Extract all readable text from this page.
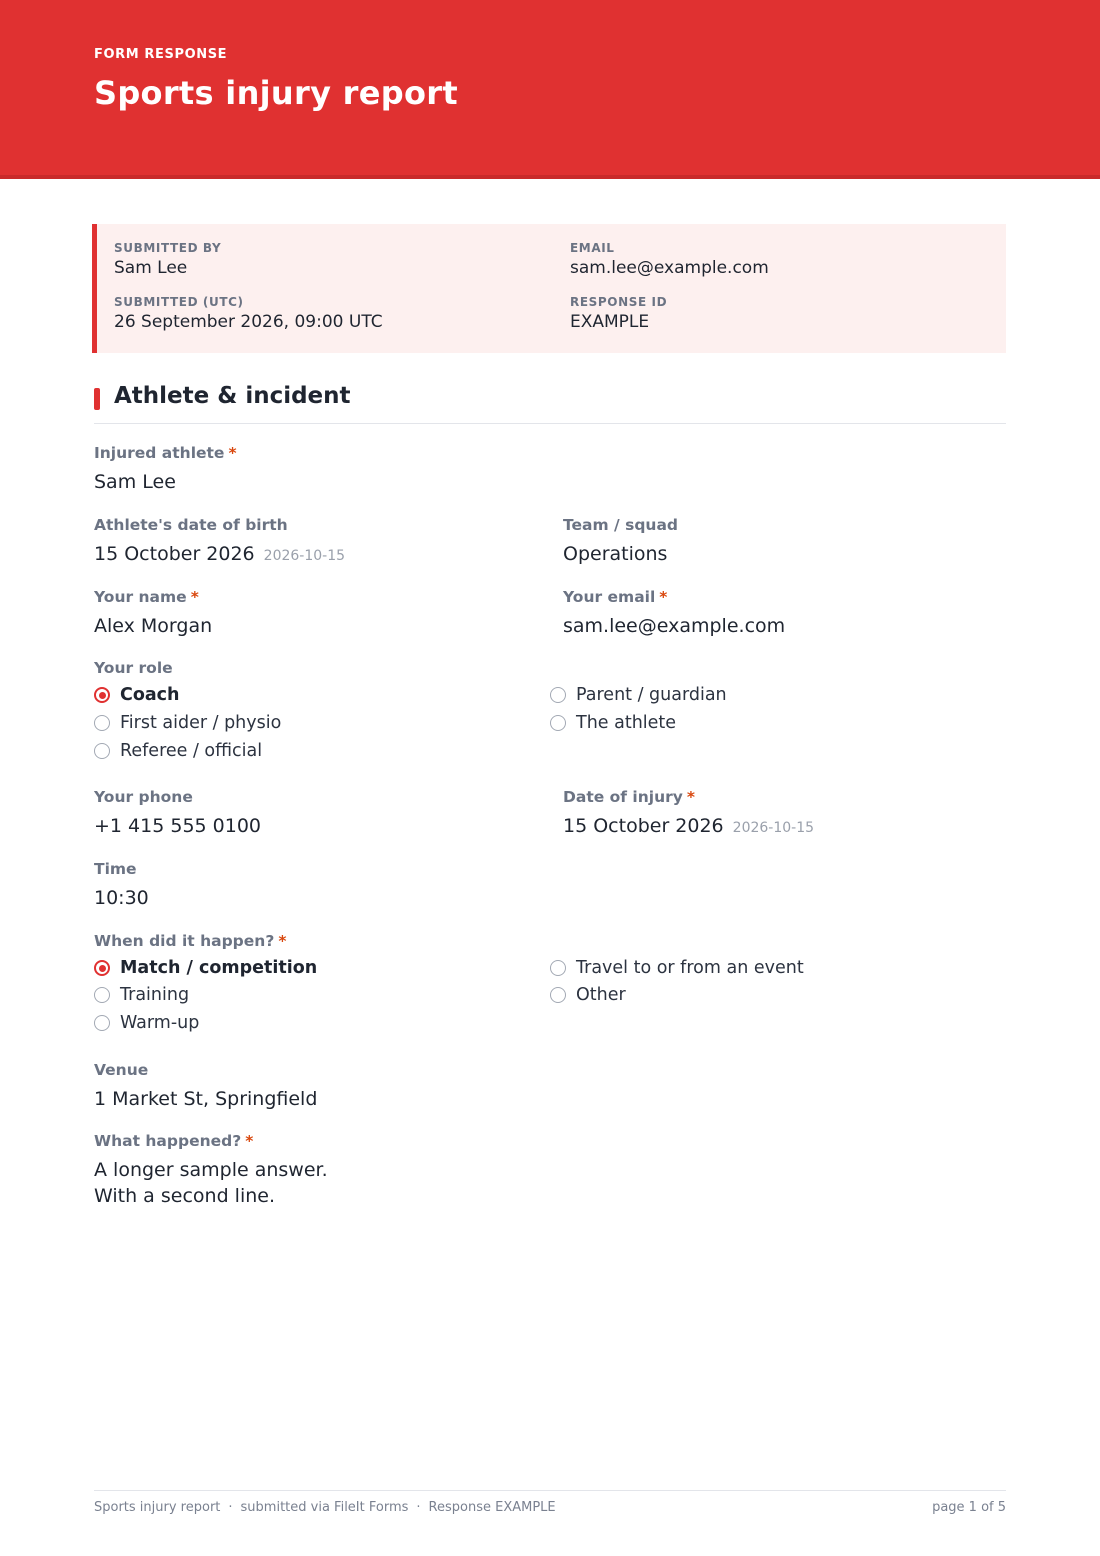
FORM RESPONSE
Sports injury report
SUBMITTED BY
Sam Lee
EMAIL
sam.lee@example.com
SUBMITTED (UTC)
26 September 2026, 09:00 UTC
RESPONSE ID
EXAMPLE
Athlete & incident
Injured athlete *
Sam Lee
Athlete's date of birth
15 October 2026 2026-10-15
Team / squad
Operations
Your name *
Alex Morgan
Your email *
sam.lee@example.com
Your role
Coach
First aider / physio
Referee / official
Parent / guardian
The athlete
Your phone
+1 415 555 0100
Date of injury *
15 October 2026 2026-10-15
Time
10:30
When did it happen? *
Match / competition
Training
Warm-up
Travel to or from an event
Other
Venue
1 Market St, Springfield
What happened? *
A longer sample answer.
With a second line.
Sports injury report · submitted via FileIt Forms · Response EXAMPLE	page 1 of 5
